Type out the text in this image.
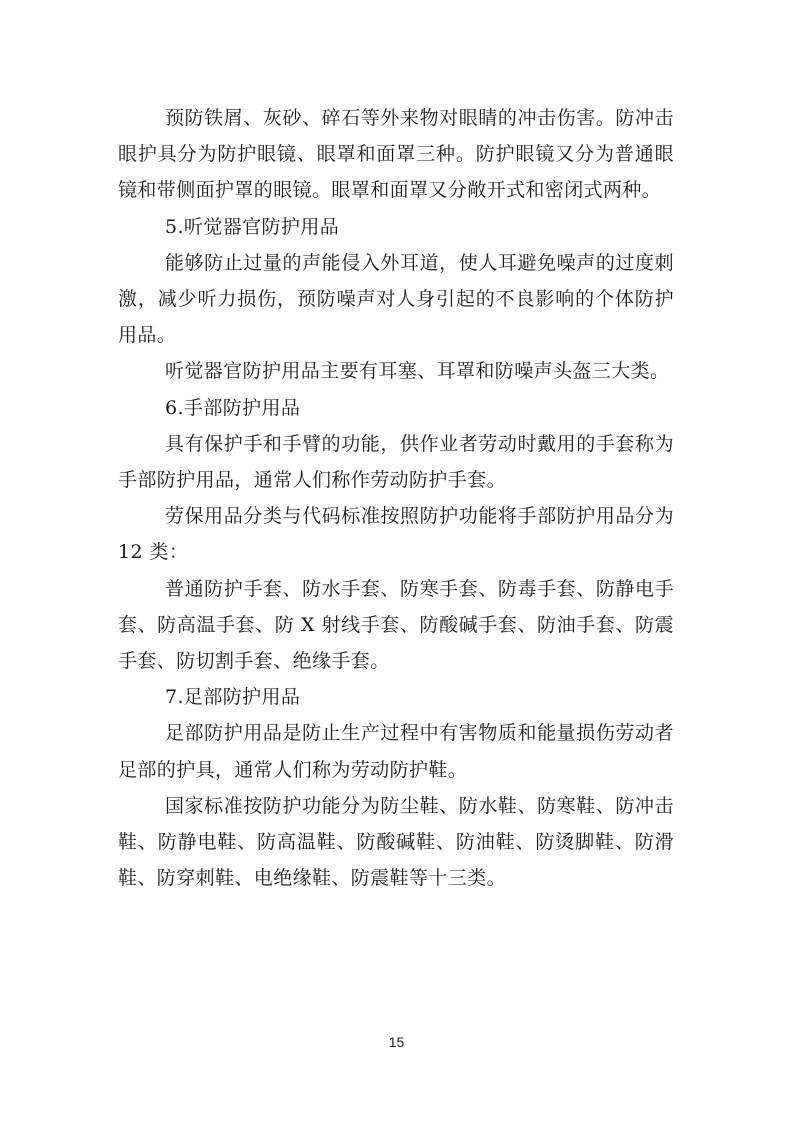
预防铁屑、灰砂、碎石等外来物对眼睛的冲击伤害。防冲击眼护具分为防护眼镜、眼罩和面罩三种。防护眼镜又分为普通眼镜和带侧面护罩的眼镜。眼罩和面罩又分敞开式和密闭式两种。

5.听觉器官防护用品

能够防止过量的声能侵入外耳道，使人耳避免噪声的过度刺激，减少听力损伤，预防噪声对人身引起的不良影响的个体防护用品。

听觉器官防护用品主要有耳塞、耳罩和防噪声头盔三大类。

6.手部防护用品

具有保护手和手臂的功能，供作业者劳动时戴用的手套称为手部防护用品，通常人们称作劳动防护手套。

劳保用品分类与代码标准按照防护功能将手部防护用品分为 12 类：

普通防护手套、防水手套、防寒手套、防毒手套、防静电手套、防高温手套、防 X 射线手套、防酸碱手套、防油手套、防震手套、防切割手套、绝缘手套。

7.足部防护用品

足部防护用品是防止生产过程中有害物质和能量损伤劳动者足部的护具，通常人们称为劳动防护鞋。

国家标准按防护功能分为防尘鞋、防水鞋、防寒鞋、防冲击鞋、防静电鞋、防高温鞋、防酸碱鞋、防油鞋、防烫脚鞋、防滑鞋、防穿刺鞋、电绝缘鞋、防震鞋等十三类。

15
